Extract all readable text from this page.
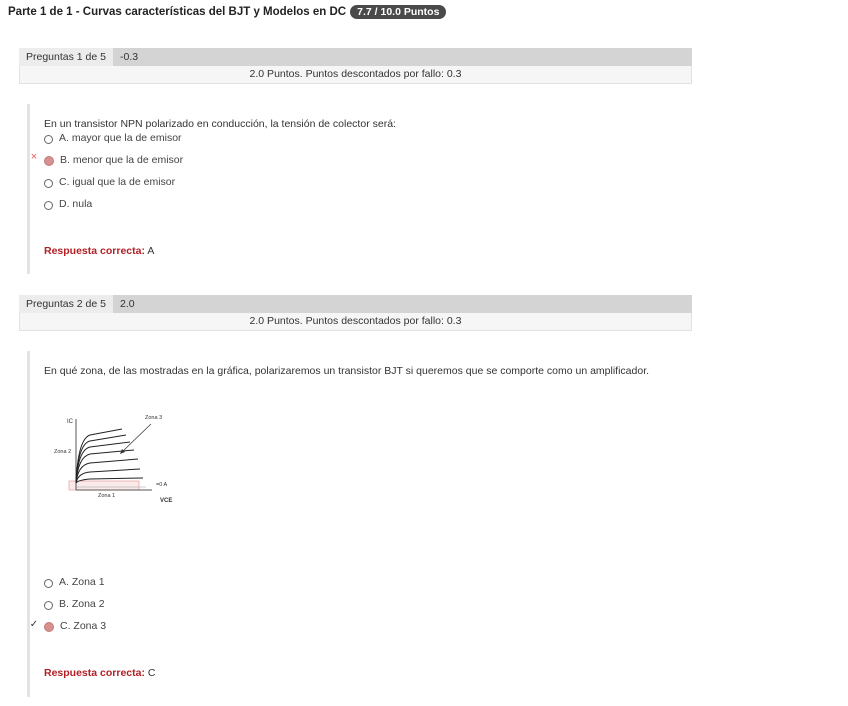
Parte 1 de 1 - Curvas características del BJT y Modelos en DC	7.7 / 10.0 Puntos
Preguntas 1 de 5	-0.3
2.0 Puntos. Puntos descontados por fallo: 0.3
En un transistor NPN polarizado en conducción, la tensión de colector será:
A. mayor que la de emisor
× B. menor que la de emisor
C. igual que la de emisor
D. nula
Respuesta correcta: A
Preguntas 2 de 5	2.0
2.0 Puntos. Puntos descontados por fallo: 0.3
En qué zona, de las mostradas en la gráfica, polarizaremos un transistor BJT si queremos que se comporte como un amplificador.
IC
Zona 2
Zona 3
Zona 1
VCE
=0 A
A. Zona 1
B. Zona 2
✓ C. Zona 3
Respuesta correcta: C
